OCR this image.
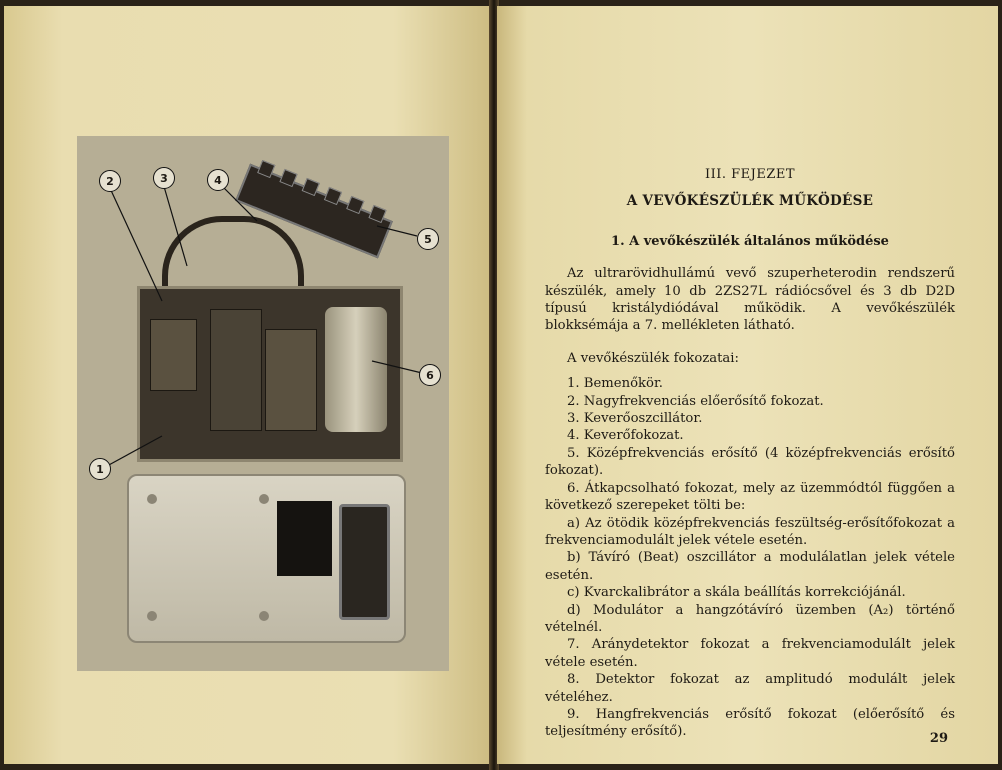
2	3	4
5
6
1
III. FEJEZET
A VEVŐKÉSZÜLÉK MŰKÖDÉSE
1. A vevőkészülék általános működése

Az ultrarövidhullámú vevő szuperheterodin rendszerű készülék, amely 10 db 2ZS27L rádiócsővel és 3 db D2D típusú kristálydiódával működik. A vevőkészülék blokksémája a 7. mellékleten látható.

A vevőkészülék fokozatai:

1. Bemenőkör.
2. Nagyfrekvenciás előerősítő fokozat.
3. Keverőoszcillátor.
4. Keverőfokozat.
5. Középfrekvenciás erősítő (4 középfrekvenciás erősítő fokozat).
6. Átkapcsolható fokozat, mely az üzemmódtól függően a következő szerepeket tölti be:
a) Az ötödik középfrekvenciás feszültség-erősítőfokozat a frekvenciamodulált jelek vétele esetén.
b) Távíró (Beat) oszcillátor a modulálatlan jelek vétele esetén.
c) Kvarckalibrátor a skála beállítás korrekciójánál.
d) Modulátor a hangzótávíró üzemben (A₂) történő vételnél.
7. Aránydetektor fokozat a frekvenciamodulált jelek vétele esetén.
8. Detektor fokozat az amplitudó modulált jelek vételéhez.
9. Hangfrekvenciás erősítő fokozat (előerősítő és teljesítmény erősítő).	29
